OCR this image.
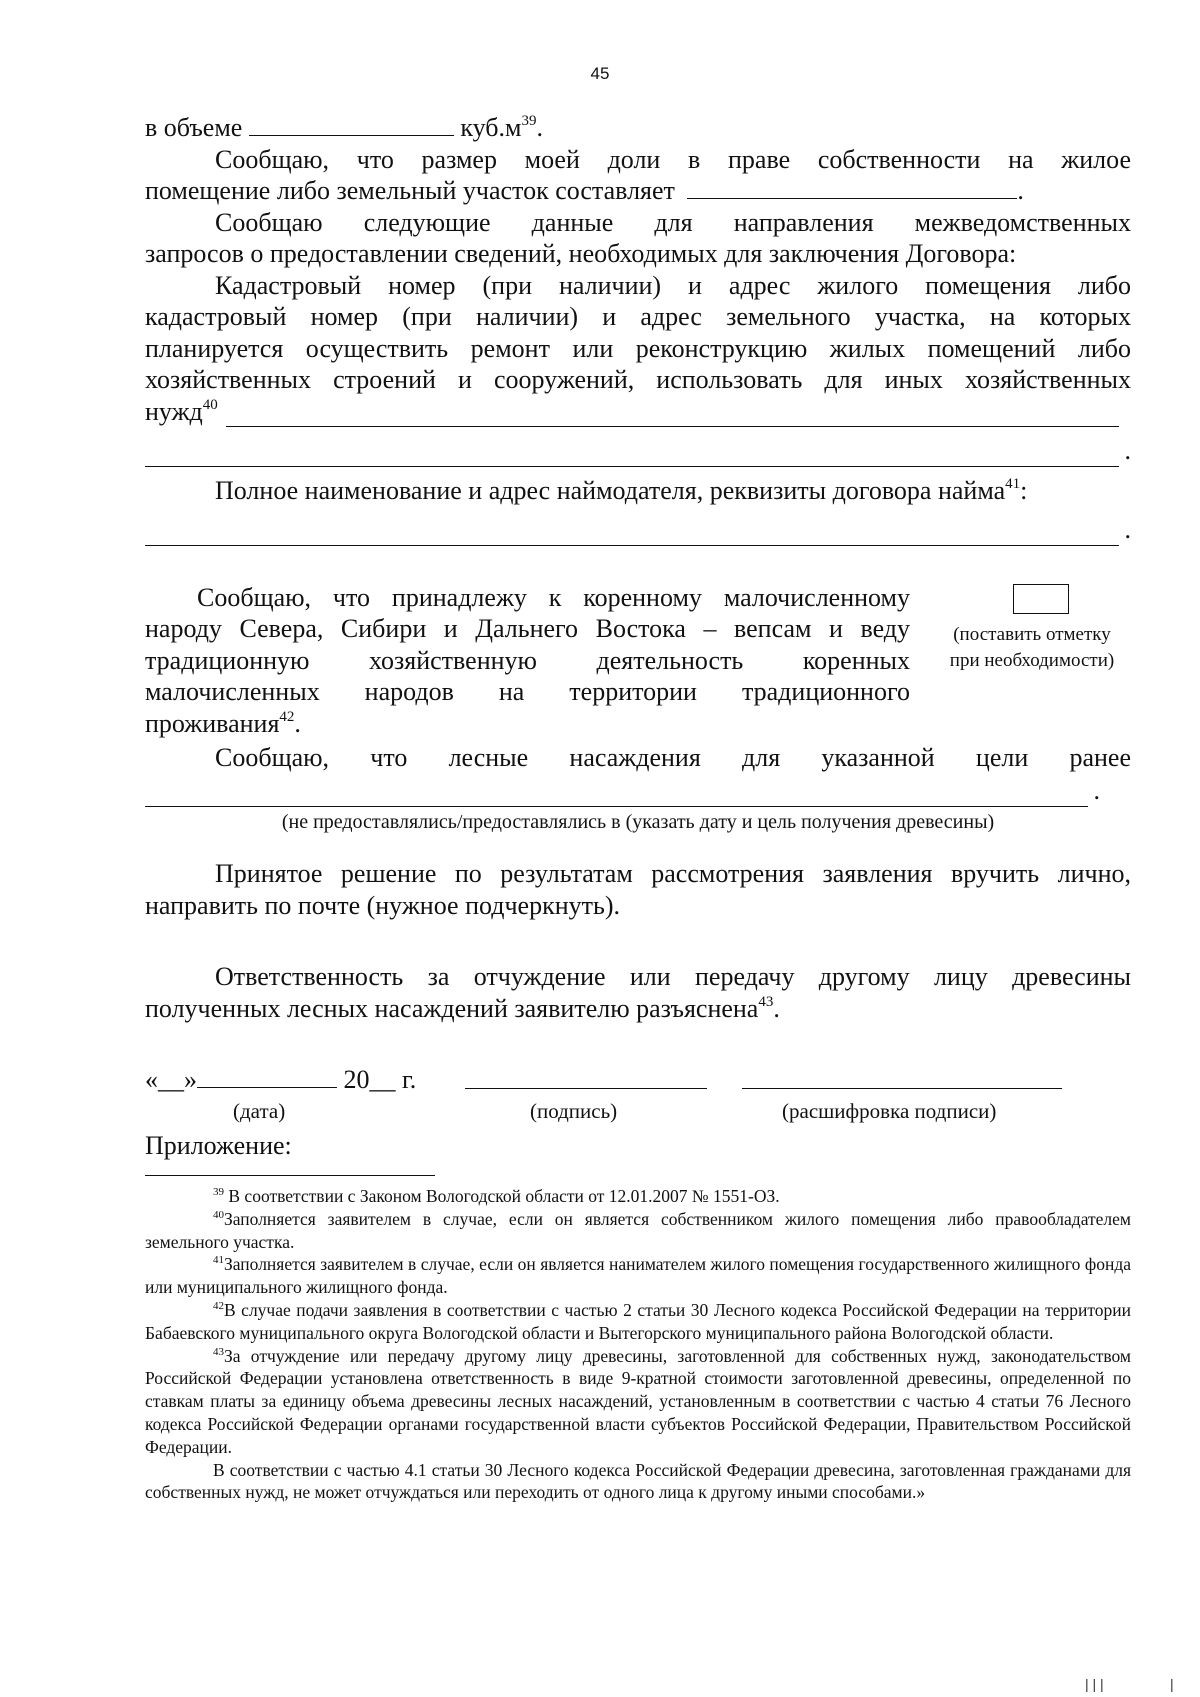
45

в объеме	$куб.м^{39}$.

Сообщаю, что размер моей доли в праве собственности на жилое

помещение либо земельный участок составляет	.

Сообщаю следующие данные для направления межведомственных

запросов о предоставлении сведений, необходимых для заключения Договора:

Кадастровый номер (при наличии) и адрес жилого помещения либо

кадастровый номер (при наличии) и адрес земельного участка, на которых

планируется осуществить ремонт или реконструкцию жилых помещений либо

хозяйственных строений и сооружений, использовать для иных хозяйственных

нужд$^{40}$
.

Полное наименование и адрес наймодателя, реквизиты договора найма$^{41}$:

.

Сообщаю, что принадлежу к коренному малочисленному

народу Севера, Сибири и Дальнего Востока – вепсам и веду

традиционную хозяйственную деятельность коренных

малочисленных народов на территории традиционного

проживания$^{42}$.

(поставить отметку
при необходимости)

Сообщаю, что лесные насаждения для указанной цели ранее

.

(не предоставлялись/предоставлялись в (указать дату и цель получения древесины)

Принятое решение по результатам рассмотрения заявления вручить лично,

направить по почте (нужное подчеркнуть).

Ответственность за отчуждение или передачу другому лицу древесины

полученных лесных насаждений заявителю разъяснена$^{43}$.

«__»	20__ г.
(дата)	(подпись)	(расшифровка подписи)

Приложение:

$^{39}$ В соответствии с Законом Вологодской области от 12.01.2007 № 1551-ОЗ.

$^{40}$Заполняется заявителем в случае, если он является собственником жилого помещения либо правообладателем земельного участка.

$^{41}$Заполняется заявителем в случае, если он является нанимателем жилого помещения государственного жилищного фонда или муниципального жилищного фонда.

$^{42}$В случае подачи заявления в соответствии с частью 2 статьи 30 Лесного кодекса Российской Федерации на территории Бабаевского муниципального округа Вологодской области и Вытегорского муниципального района Вологодской области.

$^{43}$За отчуждение или передачу другому лицу древесины, заготовленной для собственных нужд, законодательством Российской Федерации установлена ответственность в виде 9-кратной стоимости заготовленной древесины, определенной по ставкам платы за единицу объема древесины лесных насаждений, установленным в соответствии с частью 4 статьи 76 Лесного кодекса Российской Федерации органами государственной власти субъектов Российской Федерации, Правительством Российской Федерации.

В соответствии с частью 4.1 статьи 30 Лесного кодекса Российской Федерации древесина, заготовленная гражданами для собственных нужд, не может отчуждаться или переходить от одного лица к другому иными способами.»

| | |	|
